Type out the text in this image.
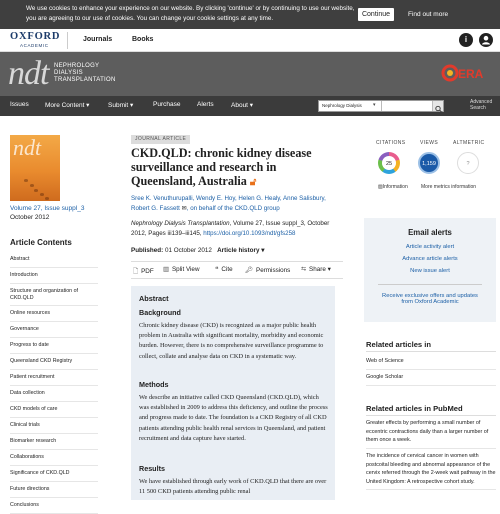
We use cookies to enhance your experience on our website. By clicking 'continue' or by continuing to use our website, you are agreeing to our use of cookies. You can change your cookie settings at any time.
Continue	Find out more
OXFORD
ACADEMIC
Journals	Books	i
ndt NEPHROLOGY
DIALYSIS
TRANSPLANTATION	ERA
Issues More Content ▾	Submit ▾	Purchase	Alerts	About ▾	Nephrology Dialysis ▾	Advanced
Search
ndt
Volume 27, Issue suppl_3
October 2012
Article Contents
Abstract
Introduction
Structure and organization of CKD.QLD
Online resources
Governance
Progress to date
Queensland CKD Registry
Patient recruitment
Data collection
CKD models of care
Clinical trials
Biomarker research
Collaborations
Significance of CKD.QLD
Future directions
Conclusions
JOURNAL ARTICLE
CKD.QLD: chronic kidney disease surveillance and research in Queensland, Australia 🔓︎
Sree K. Venuthurupalli, Wendy E. Hoy, Helen G. Healy, Anne Salisbury,
Robert G. Fassett ✉, on behalf of the CKD.QLD group
Nephrology Dialysis Transplantation, Volume 27, Issue suppl_3, October 2012, Pages iii139–iii145, https://doi.org/10.1093/ndt/gfs258
Published: 01 October 2012 Article history ▾
🗋︎ PDF ▥ Split View ❝ Cite 🔑︎ Permissions ⮀ Share ▾
Abstract
Background
Chronic kidney disease (CKD) is recognized as a major public health problem in Australia with significant mortality, morbidity and economic burden. However, there is no comprehensive surveillance programme to collect, collate and analyse data on CKD in a systematic way.
Methods
We describe an initiative called CKD Queensland (CKD.QLD), which was established in 2009 to address this deficiency, and outline the process and progress made to date. The foundation is a CKD Registry of all CKD patients attending public health renal services in Queensland, and patient recruitment and data capture have started.
Results
We have established through early work of CKD.QLD that there are over 11 500 CKD patients attending public renal
CITATIONS	VIEWS	ALTMETRIC
25	1,159	?
▧Information	More metrics information
Email alerts
Article activity alert
Advance article alerts
New issue alert
Receive exclusive offers and updates
from Oxford Academic
Related articles in
Web of Science
Google Scholar
Related articles in PubMed
Greater effects by performing a small number of eccentric contractions daily than a larger number of them once a week.
The incidence of cervical cancer in women with postcoital bleeding and abnormal appearance of the cervix referred through the 2-week wait pathway in the United Kingdom: A retrospective cohort study.
